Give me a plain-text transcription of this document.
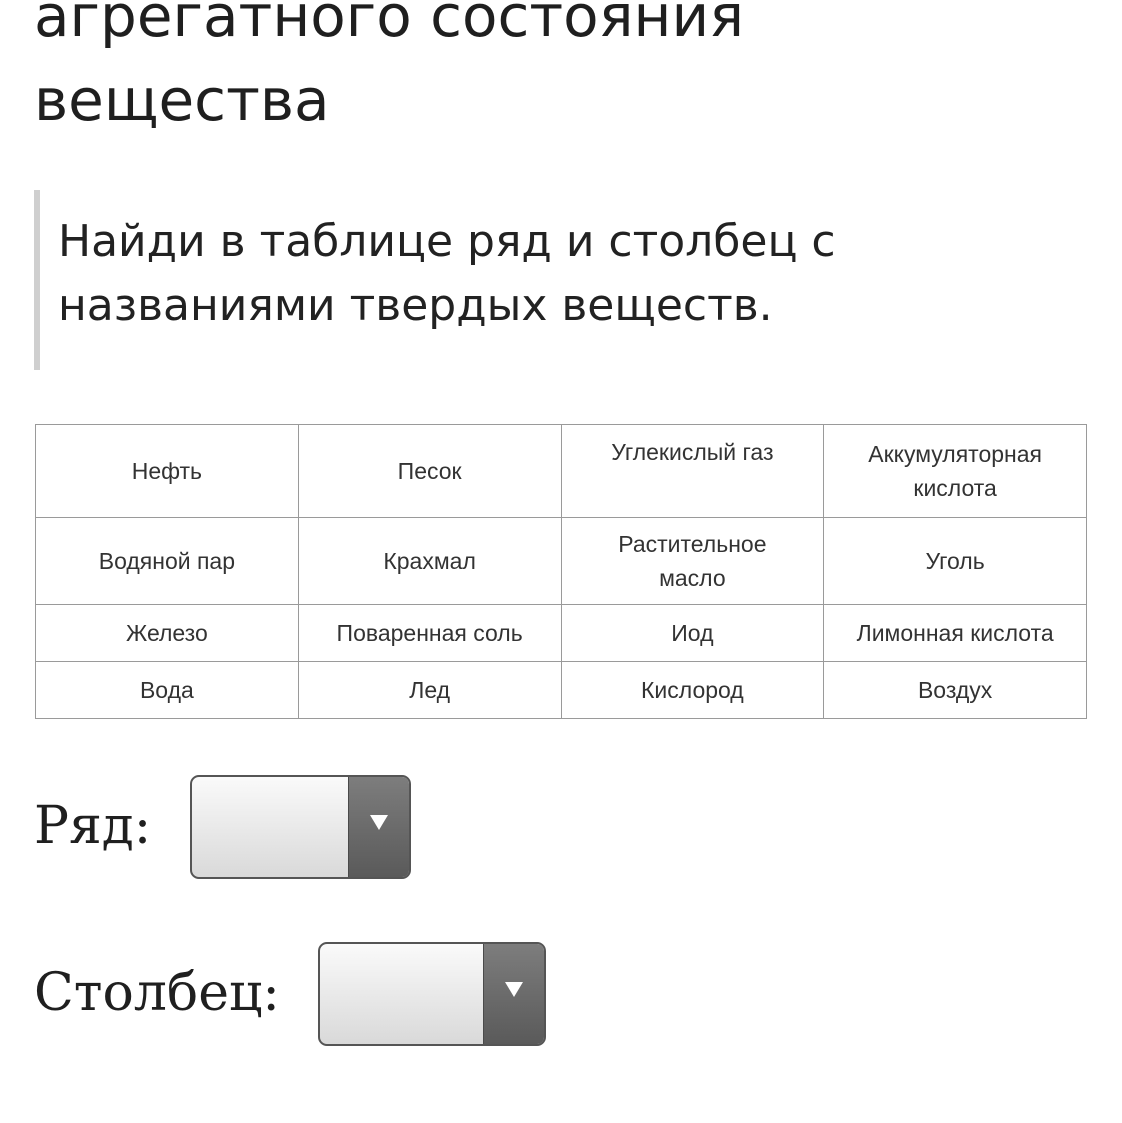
агрегатного состояния
вещества
Найди в таблице ряд и столбец с
названиями твердых веществ.
Нефть	Песок	Углекислый газ	Аккумуляторная кислота
Водяной пар	Крахмал	Растительное масло	Уголь
Железо	Поваренная соль	Иод	Лимонная кислота
Вода	Лед	Кислород	Воздух
Ряд:
Столбец:
